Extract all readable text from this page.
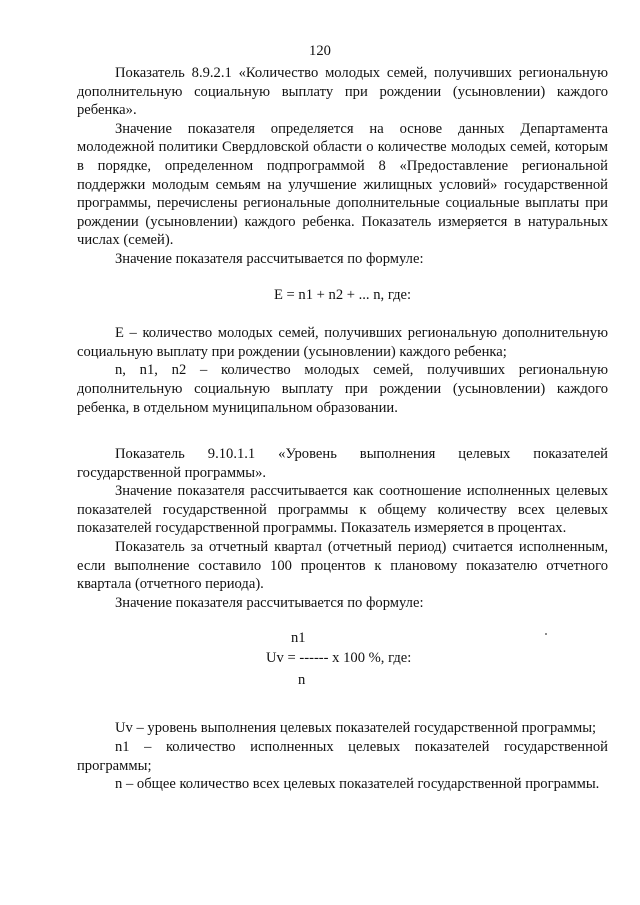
120

Показатель 8.9.2.1 «Количество молодых семей, получивших региональную дополнительную социальную выплату при рождении (усыновлении) каждого ребенка».

Значение показателя определяется на основе данных Департамента молодежной политики Свердловской области о количестве молодых семей, которым в порядке, определенном подпрограммой 8 «Предоставление региональной поддержки молодым семьям на улучшение жилищных условий» государственной программы, перечислены региональные дополнительные социальные выплаты при рождении (усыновлении) каждого ребенка. Показатель измеряется в натуральных числах (семей).

Значение показателя рассчитывается по формуле:

E = n1 + n2 + ... n, где:

E – количество молодых семей, получивших региональную дополнительную социальную выплату при рождении (усыновлении) каждого ребенка;

n, n1, n2 – количество молодых семей, получивших региональную дополнительную социальную выплату при рождении (усыновлении) каждого ребенка, в отдельном муниципальном образовании.

Показатель 9.10.1.1 «Уровень выполнения целевых показателей государственной программы».

Значение показателя рассчитывается как соотношение исполненных целевых показателей государственной программы к общему количеству всех целевых показателей государственной программы. Показатель измеряется в процентах.

Показатель за отчетный квартал (отчетный период) считается исполненным, если выполнение составило 100 процентов к плановому показателю отчетного квартала (отчетного периода).

Значение показателя рассчитывается по формуле:

n1
Uv = ------ x 100 %, где:
n

Uv – уровень выполнения целевых показателей государственной программы;

n1 – количество исполненных целевых показателей государственной программы;

n – общее количество всех целевых показателей государственной программы.
